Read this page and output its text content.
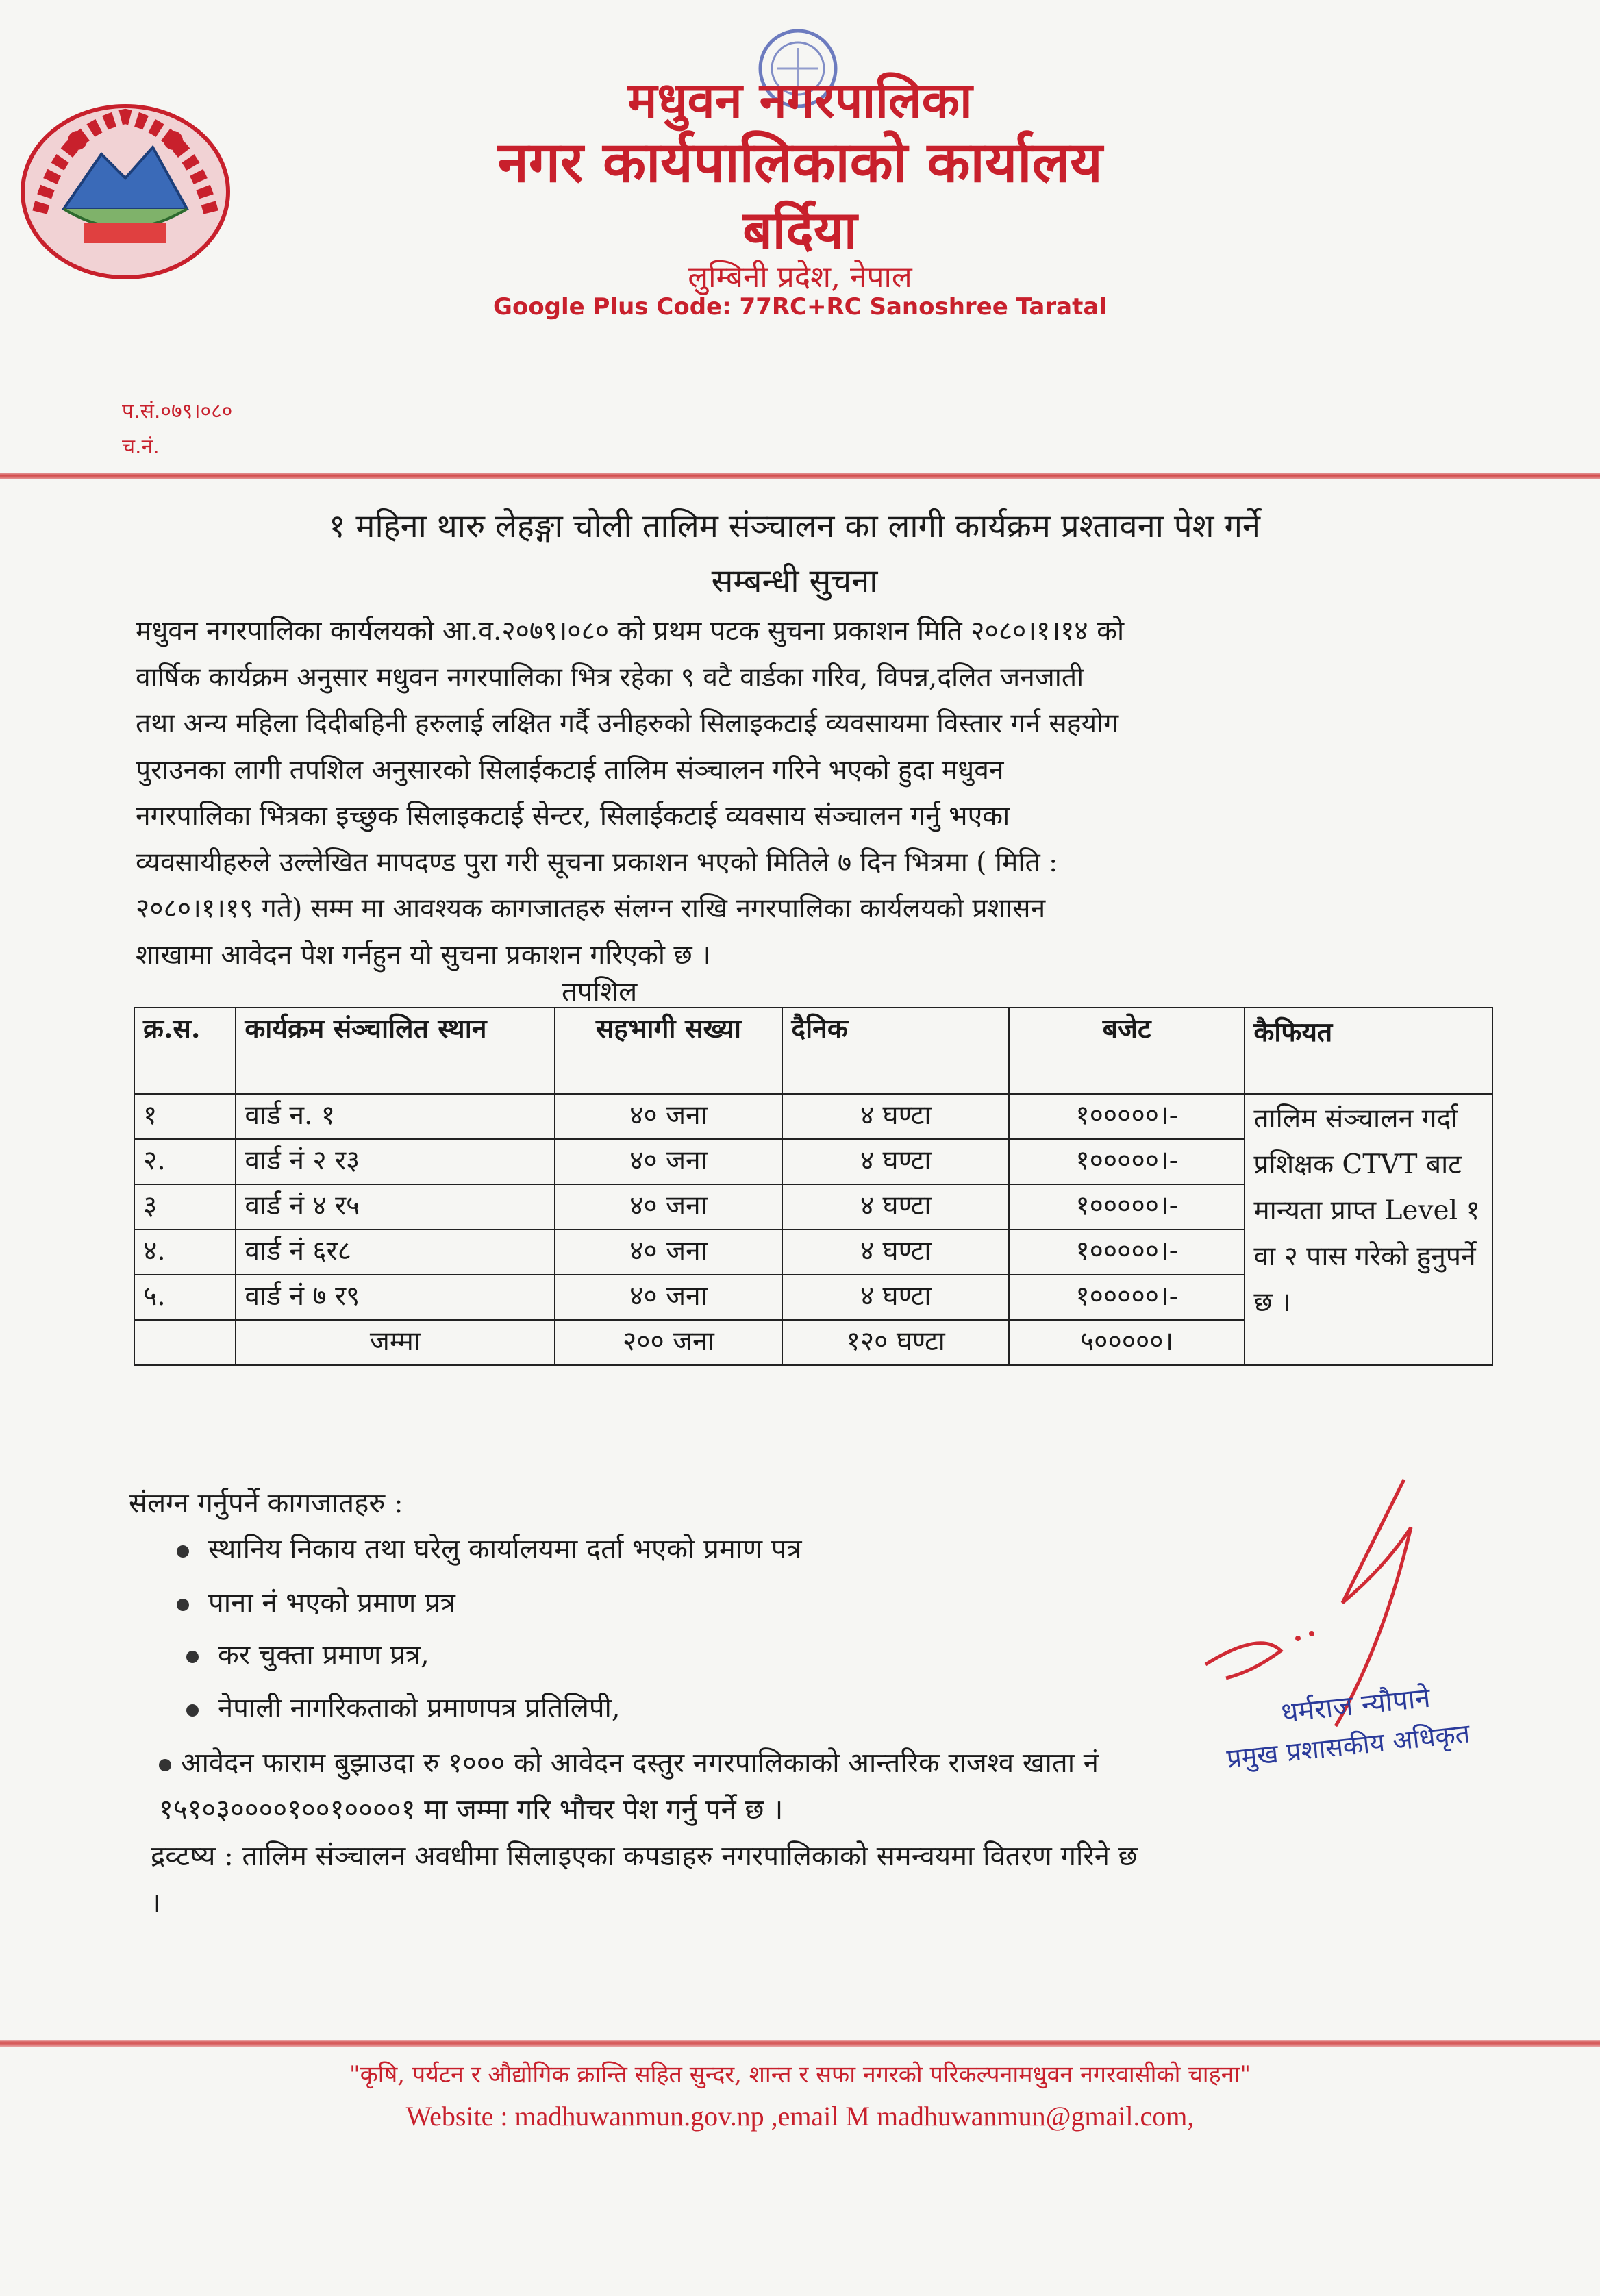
मधुवन नगरपालिका
नगर कार्यपालिकाको कार्यालय
बर्दिया
लुम्बिनी प्रदेश, नेपाल
Google Plus Code: 77RC+RC Sanoshree Taratal
प.सं.०७९।०८०
च.नं.
१ महिना थारु लेहङ्गा चोली तालिम संञ्चालन का लागी कार्यक्रम प्रश्तावना पेश गर्ने
सम्बन्धी सुचना
मधुवन नगरपालिका कार्यलयको आ.व.२०७९।०८० को प्रथम पटक सुचना प्रकाशन मिति २०८०।१।१४ को
वार्षिक कार्यक्रम अनुसार मधुवन नगरपालिका भित्र रहेका ९ वटै वार्डका गरिव, विपन्न,दलित जनजाती
तथा अन्य महिला दिदीबहिनी हरुलाई लक्षित गर्दै उनीहरुको सिलाइकटाई व्यवसायमा विस्तार गर्न सहयोग
पुराउनका लागी तपशिल अनुसारको सिलाईकटाई तालिम संञ्चालन गरिने भएको हुदा मधुवन
नगरपालिका भित्रका इच्छुक सिलाइकटाई सेन्टर, सिलाईकटाई व्यवसाय संञ्चालन गर्नु भएका
व्यवसायीहरुले उल्लेखित मापदण्ड पुरा गरी सूचना प्रकाशन भएको मितिले ७ दिन भित्रमा ( मिति :
२०८०।१।१९ गते) सम्म मा आवश्यक कागजातहरु संलग्न राखि नगरपालिका कार्यलयको प्रशासन
शाखामा आवेदन पेश गर्नहुन यो सुचना प्रकाशन गरिएको छ ।
तपशिल
क्र.स.	कार्यक्रम संञ्चालित स्थान	सहभागी सख्या	दैनिक	बजेट	कैफियत
१	वार्ड न. १	४० जना	४ घण्टा	१०००००।-	तालिम संञ्चालन गर्दा प्रशिक्षक CTVT बाट मान्यता प्राप्त Level १ वा २ पास गरेको हुनुपर्ने छ ।
२.	वार्ड नं २ र३	४० जना	४ घण्टा	१०००००।-	
३	वार्ड नं ४ र५	४० जना	४ घण्टा	१०००००।-	
४.	वार्ड नं ६र८	४० जना	४ घण्टा	१०००००।-	
५.	वार्ड नं ७ र९	४० जना	४ घण्टा	१०००००।-	
	जम्मा	२०० जना	१२० घण्टा	५०००००।	
संलग्न गर्नुपर्ने कागजातहरु :
स्थानिय निकाय तथा घरेलु कार्यालयमा दर्ता भएको प्रमाण पत्र
पाना नं भएको प्रमाण प्रत्र
कर चुक्ता प्रमाण प्रत्र,
नेपाली नागरिकताको प्रमाणपत्र प्रतिलिपी,
आवेदन फाराम बुझाउदा रु १००० को आवेदन दस्तुर नगरपालिकाको आन्तरिक राजश्व खाता नं
१५१०३००००१००१००००१ मा जम्मा गरि भौचर पेश गर्नु पर्ने छ ।
द्रव्टष्य : तालिम संञ्चालन अवधीमा सिलाइएका कपडाहरु नगरपालिकाको समन्वयमा वितरण गरिने छ
।
धर्मराज न्यौपाने
प्रमुख प्रशासकीय अधिकृत
"कृषि, पर्यटन र औद्योगिक क्रान्ति सहित सुन्दर, शान्त र सफा नगरको परिकल्पनामधुवन नगरवासीको चाहना"
Website : madhuwanmun.gov.np ,email M madhuwanmun@gmail.com,
